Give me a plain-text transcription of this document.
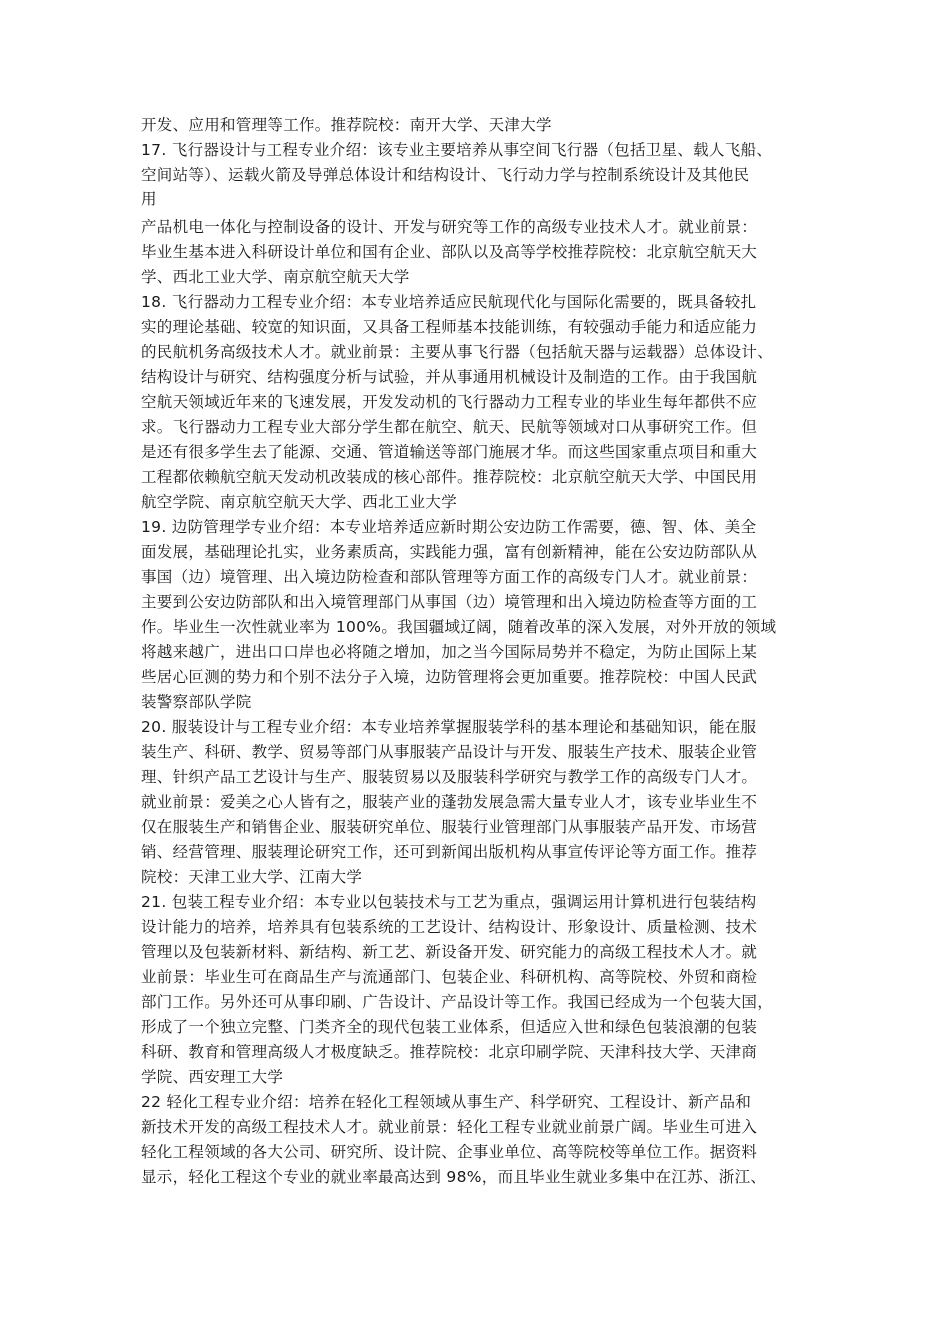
开发、应用和管理等工作。推荐院校：南开大学、天津大学
17. 飞行器设计与工程专业介绍：该专业主要培养从事空间飞行器（包括卫星、载人飞船、
空间站等）、运载火箭及导弹总体设计和结构设计、飞行动力学与控制系统设计及其他民
用
产品机电一体化与控制设备的设计、开发与研究等工作的高级专业技术人才。就业前景：
毕业生基本进入科研设计单位和国有企业、部队以及高等学校推荐院校：北京航空航天大
学、西北工业大学、南京航空航天大学
18. 飞行器动力工程专业介绍：本专业培养适应民航现代化与国际化需要的，既具备较扎
实的理论基础、较宽的知识面，又具备工程师基本技能训练，有较强动手能力和适应能力
的民航机务高级技术人才。就业前景：主要从事飞行器（包括航天器与运载器）总体设计、
结构设计与研究、结构强度分析与试验，并从事通用机械设计及制造的工作。由于我国航
空航天领域近年来的飞速发展，开发发动机的飞行器动力工程专业的毕业生每年都供不应
求。飞行器动力工程专业大部分学生都在航空、航天、民航等领域对口从事研究工作。但
是还有很多学生去了能源、交通、管道输送等部门施展才华。而这些国家重点项目和重大
工程都依赖航空航天发动机改装成的核心部件。推荐院校：北京航空航天大学、中国民用
航空学院、南京航空航天大学、西北工业大学
19. 边防管理学专业介绍：本专业培养适应新时期公安边防工作需要，德、智、体、美全
面发展，基础理论扎实，业务素质高，实践能力强，富有创新精神，能在公安边防部队从
事国（边）境管理、出入境边防检查和部队管理等方面工作的高级专门人才。就业前景：
主要到公安边防部队和出入境管理部门从事国（边）境管理和出入境边防检查等方面的工
作。毕业生一次性就业率为 100%。我国疆域辽阔，随着改革的深入发展，对外开放的领域
将越来越广，进出口口岸也必将随之增加，加之当今国际局势并不稳定，为防止国际上某
些居心叵测的势力和个别不法分子入境，边防管理将会更加重要。推荐院校：中国人民武
装警察部队学院
20. 服装设计与工程专业介绍：本专业培养掌握服装学科的基本理论和基础知识，能在服
装生产、科研、教学、贸易等部门从事服装产品设计与开发、服装生产技术、服装企业管
理、针织产品工艺设计与生产、服装贸易以及服装科学研究与教学工作的高级专门人才。
就业前景：爱美之心人皆有之，服装产业的蓬勃发展急需大量专业人才，该专业毕业生不
仅在服装生产和销售企业、服装研究单位、服装行业管理部门从事服装产品开发、市场营
销、经营管理、服装理论研究工作，还可到新闻出版机构从事宣传评论等方面工作。推荐
院校：天津工业大学、江南大学
21. 包装工程专业介绍：本专业以包装技术与工艺为重点，强调运用计算机进行包装结构
设计能力的培养，培养具有包装系统的工艺设计、结构设计、形象设计、质量检测、技术
管理以及包装新材料、新结构、新工艺、新设备开发、研究能力的高级工程技术人才。就
业前景：毕业生可在商品生产与流通部门、包装企业、科研机构、高等院校、外贸和商检
部门工作。另外还可从事印刷、广告设计、产品设计等工作。我国已经成为一个包装大国，
形成了一个独立完整、门类齐全的现代包装工业体系，但适应入世和绿色包装浪潮的包装
科研、教育和管理高级人才极度缺乏。推荐院校：北京印刷学院、天津科技大学、天津商
学院、西安理工大学
22 轻化工程专业介绍：培养在轻化工程领域从事生产、科学研究、工程设计、新产品和
新技术开发的高级工程技术人才。就业前景：轻化工程专业就业前景广阔。毕业生可进入
轻化工程领域的各大公司、研究所、设计院、企事业单位、高等院校等单位工作。据资料
显示，轻化工程这个专业的就业率最高达到 98%，而且毕业生就业多集中在江苏、浙江、
